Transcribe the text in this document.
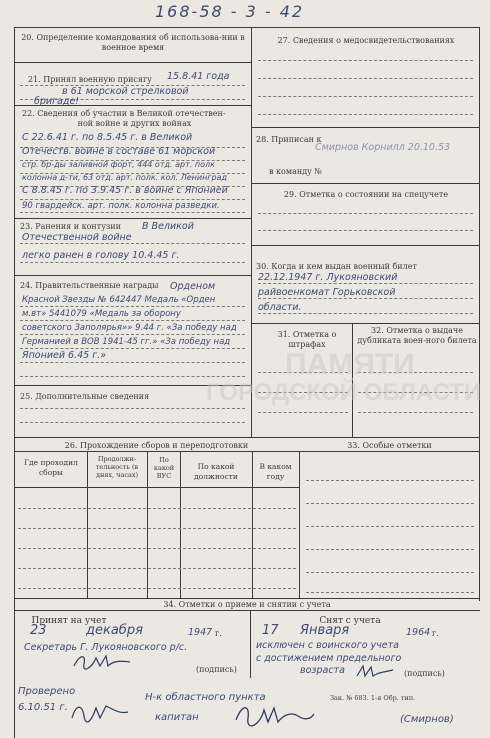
168-58 - 3 - 42
20. Определение командования об использова-нии в военное время
21. Принял военную присягу
22. Сведения об участии в Великой отечествен-
ной войне и других войнах
23. Ранения и контузии
24. Правительственные награды
25. Дополнительные сведения
27. Сведения о медосвидетельствованиях
28. Приписан к
в команду №
29. Отметка о состоянии на спецучете
30. Когда и кем выдан военный билет
31. Отметка о штрафах
32. Отметка о выдаче дубликата воен-ного билета
26. Прохождение сборов и переподготовки	33. Особые отметки
Где проходил сборы
Продолжи-тельность (в днях, часах)
По какой ВУС
По какой должности
В каком году
34. Отметки о приеме и снятии с учета
15.8.41 года
в 61 морской стрелковой
бригаде!
С 22.6.41 г. по 8.5.45 г. в Великой
Отечеств. войне в составе 61 морской
стр. бр-ды заливной форт, 444 отд. арт. полк
колонна д-ти, 63 отд. арт. полк. кол. Ленинград
С 8.8.45 г. по 3.9.45 г. в войне с Японией
90 гвардейск. арт. полк. колонна разведки.
В Великой
Отечественной войне
легко ранен в голову 10.4.45 г.
Орденом
Красной Звезды № 642447 Медаль «Орден
м.вт» 5441079 «Медаль за оборону
советского Заполярья»» 9.44 г. «За победу над
Германией в ВОВ 1941-45 гг.» «За победу над
Японией 6.45 г.»
Смирнов Корнилл 20.10.53
22.12.1947 г. Лукояновский
райвоенкомат Горьковской
области.
Принят на учет
23	декабря	1947 г.
Секретарь Г. Лукояновского р/с.
(подпись)
Снят с учета
17 Января	1964 г.
исключен с воинского учета
с достижением предельного
возраста	(подпись)
Проверено
6.10.51 г.
Н-к областного пункта
капитан	(Смирнов)
Зак. № 683. 1-я Обр. тип.
ПАМЯТИ
ГОРОДСКОЙ ОБЛАСТИ
